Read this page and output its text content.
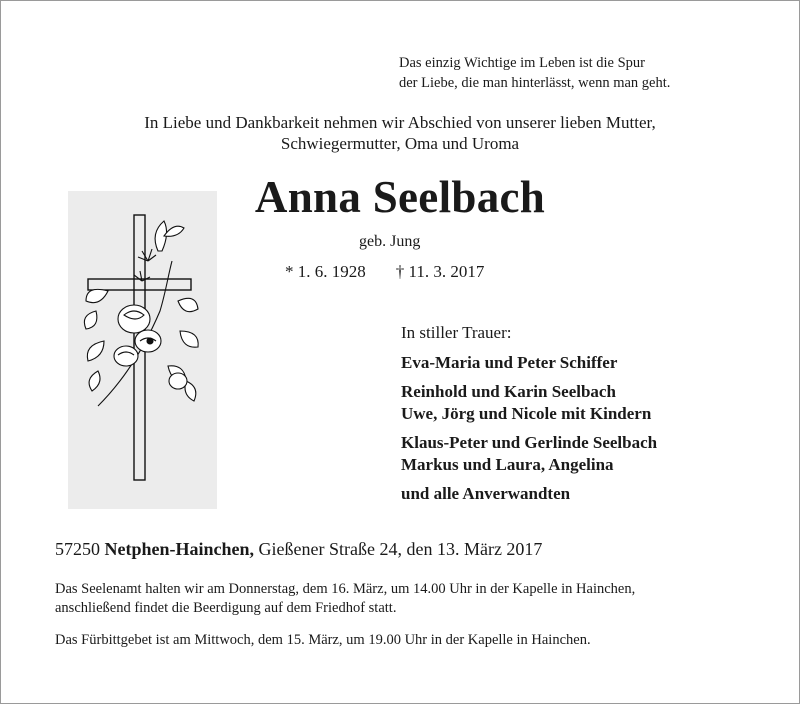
Das einzig Wichtige im Leben ist die Spur
der Liebe, die man hinterlässt, wenn man geht.
In Liebe und Dankbarkeit nehmen wir Abschied von unserer lieben Mutter,
Schwiegermutter, Oma und Uroma
Anna Seelbach
geb. Jung
* 1. 6. 1928 † 11. 3. 2017
In stiller Trauer:
Eva-Maria und Peter Schiffer
Reinhold und Karin Seelbach
Uwe, Jörg und Nicole mit Kindern
Klaus-Peter und Gerlinde Seelbach
Markus und Laura, Angelina
und alle Anverwandten
57250 Netphen-Hainchen, Gießener Straße 24, den 13. März 2017
Das Seelenamt halten wir am Donnerstag, dem 16. März, um 14.00 Uhr in der Kapelle in Hainchen,
anschließend findet die Beerdigung auf dem Friedhof statt.
Das Fürbittgebet ist am Mittwoch, dem 15. März, um 19.00 Uhr in der Kapelle in Hainchen.
